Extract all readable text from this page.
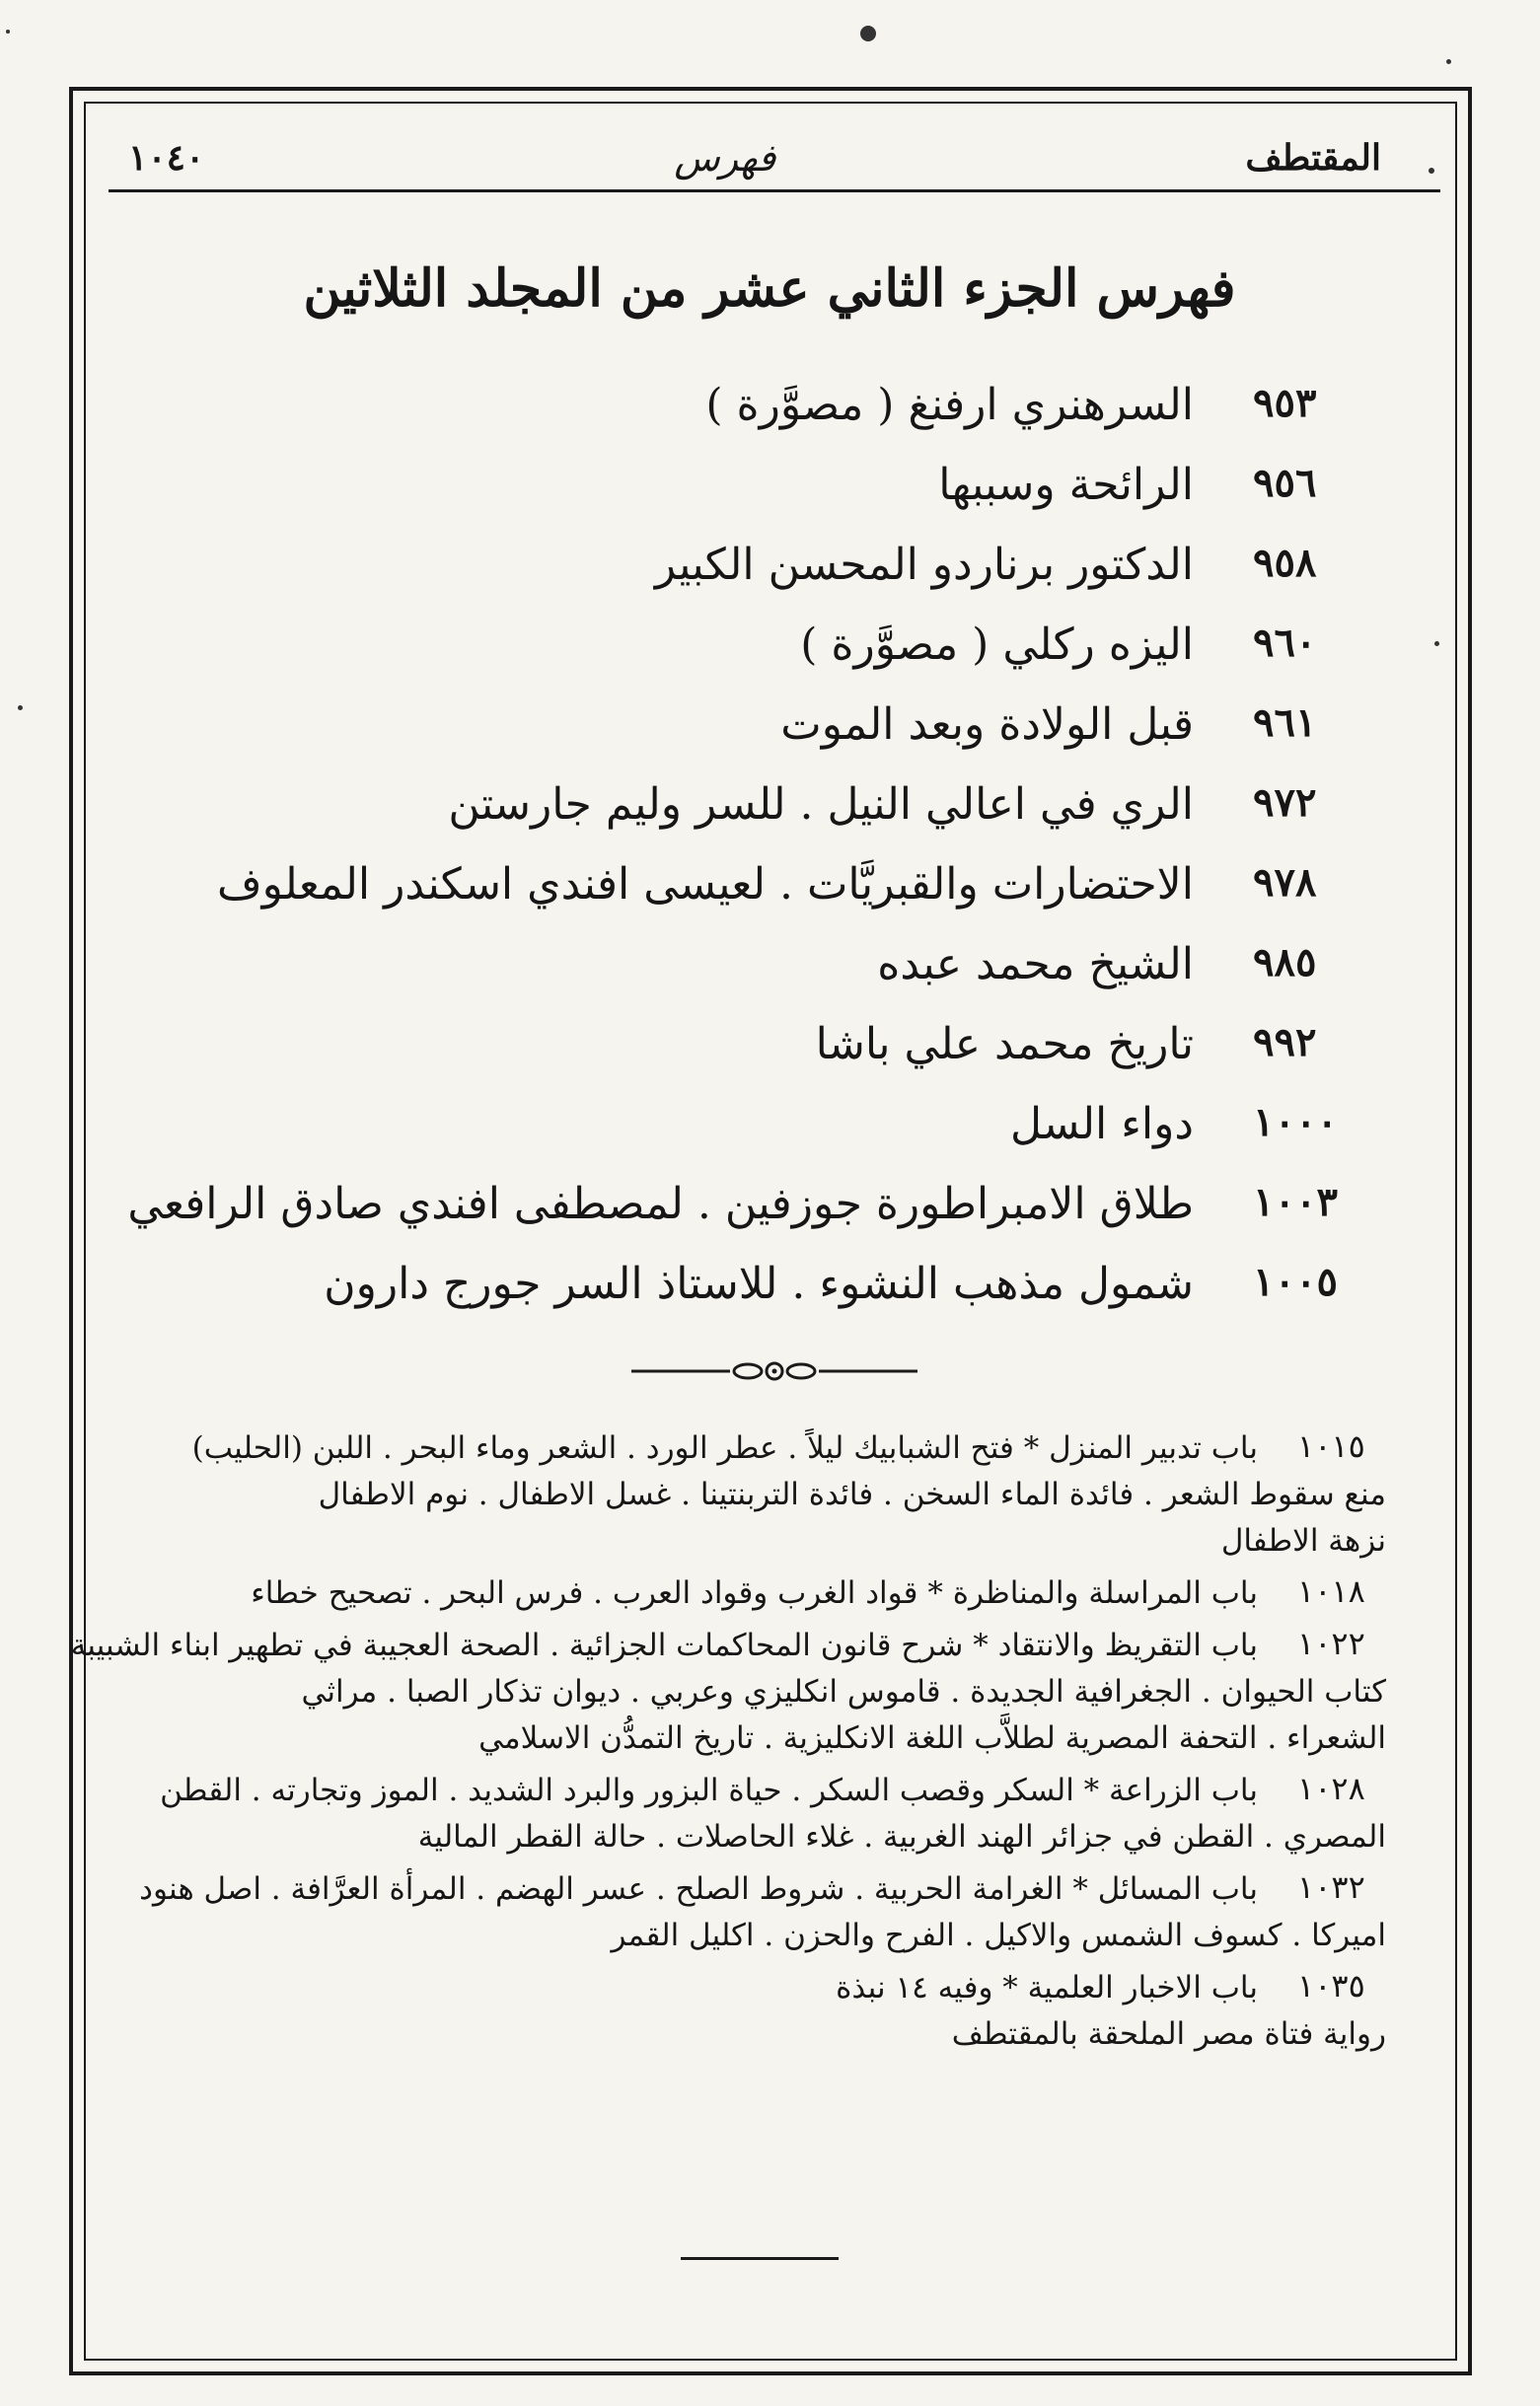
١٠٤٠	فهرس	المقتطف
فهرس الجزء الثاني عشر من المجلد الثلاثين
٩٥٣
السرهنري ارفنغ ( مصوَّرة )
٩٥٦
الرائحة وسببها
٩٥٨
الدكتور برناردو المحسن الكبير
٩٦٠
اليزه ركلي ( مصوَّرة )
٩٦١
قبل الولادة وبعد الموت
٩٧٢
الري في اعالي النيل . للسر وليم جارستن
٩٧٨
الاحتضارات والقبريَّات . لعيسى افندي اسكندر المعلوف
٩٨٥
الشيخ محمد عبده
٩٩٢
تاريخ محمد علي باشا
١٠٠٠
دواء السل
١٠٠٣
طلاق الامبراطورة جوزفين . لمصطفى افندي صادق الرافعي
١٠٠٥
شمول مذهب النشوء . للاستاذ السر جورج دارون
١٠١٥
باب تدبير المنزل * فتح الشبابيك ليلاً . عطر الورد . الشعر وماء البحر . اللبن (الحليب)
منع سقوط الشعر . فائدة الماء السخن . فائدة التربنتينا . غسل الاطفال . نوم الاطفال
نزهة الاطفال
١٠١٨
باب المراسلة والمناظرة * قواد الغرب وقواد العرب . فرس البحر . تصحيح خطاء
١٠٢٢
باب التقريظ والانتقاد * شرح قانون المحاكمات الجزائية . الصحة العجيبة في تطهير ابناء الشبيبة
كتاب الحيوان . الجغرافية الجديدة . قاموس انكليزي وعربي . ديوان تذكار الصبا . مراثي
الشعراء . التحفة المصرية لطلاَّب اللغة الانكليزية . تاريخ التمدُّن الاسلامي
١٠٢٨
باب الزراعة * السكر وقصب السكر . حياة البزور والبرد الشديد . الموز وتجارته . القطن
المصري . القطن في جزائر الهند الغربية . غلاء الحاصلات . حالة القطر المالية
١٠٣٢
باب المسائل * الغرامة الحربية . شروط الصلح . عسر الهضم . المرأة العرَّافة . اصل هنود
اميركا . كسوف الشمس والاكيل . الفرح والحزن . اكليل القمر
١٠٣٥
باب الاخبار العلمية * وفيه ١٤ نبذة
رواية فتاة مصر الملحقة بالمقتطف
